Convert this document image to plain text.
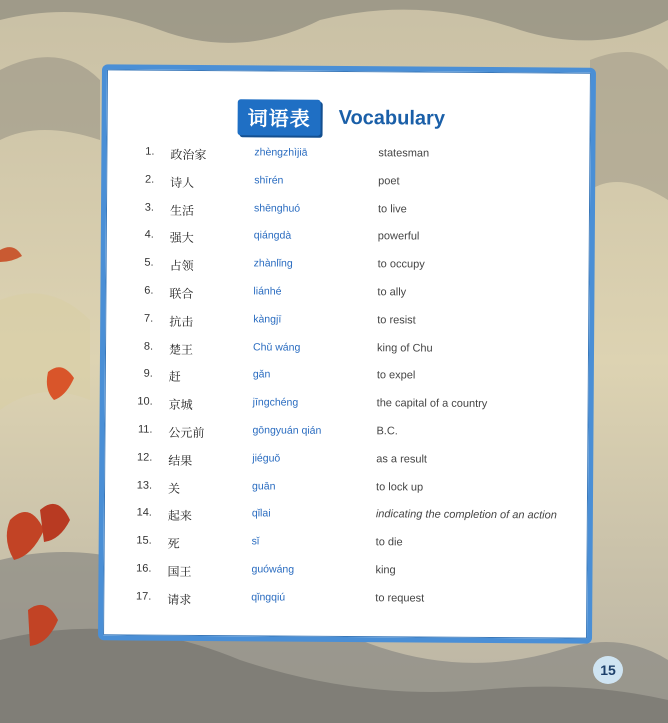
词语表	Vocabulary
1. 政治家	zhèngzhìjiā	statesman
2. 诗人	shīrén	poet
3. 生活	shēnghuó	to live
4. 强大	qiángdà	powerful
5. 占领	zhànlǐng	to occupy
6. 联合	liánhé	to ally
7. 抗击	kàngjī	to resist
8. 楚王	Chǔ wáng	king of Chu
9. 赶	gǎn	to expel
10. 京城	jīngchéng	the capital of a country
11. 公元前	gōngyuán qián	B.C.
12. 结果	jiéguǒ	as a result
13. 关	guān	to lock up
14. 起来	qǐlai	indicating the completion of an action
15. 死	sǐ	to die
16. 国王	guówáng	king
17. 请求	qǐngqiú	to request
15
